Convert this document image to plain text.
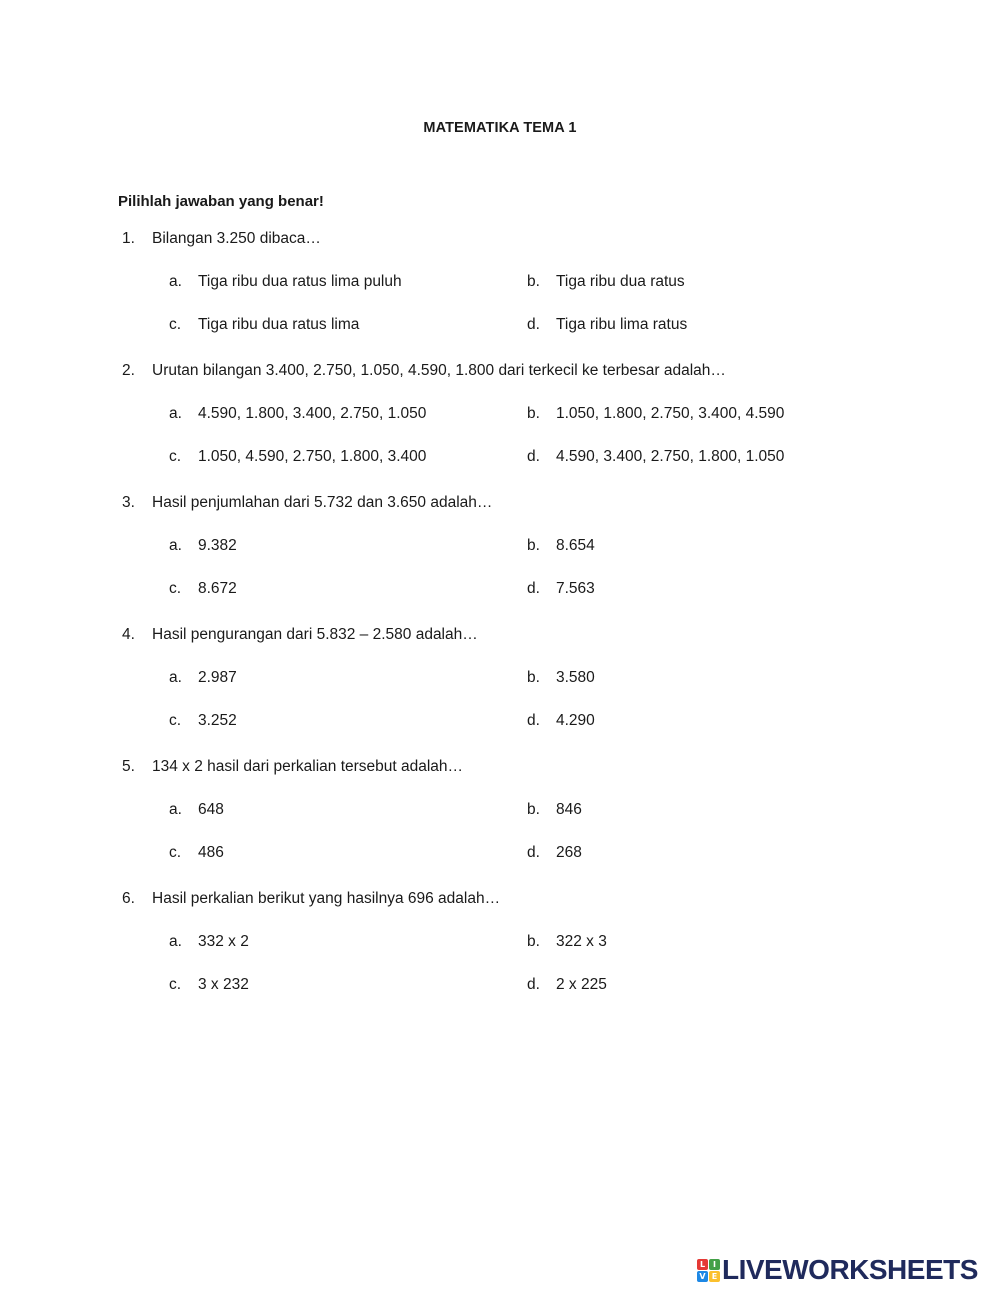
MATEMATIKA TEMA 1
Pilihlah jawaban yang benar!
1.	Bilangan 3.250 dibaca…
a. Tiga ribu dua ratus lima puluh	b. Tiga ribu dua ratus
c. Tiga ribu dua ratus lima	d. Tiga ribu lima ratus
2.	Urutan bilangan 3.400, 2.750, 1.050, 4.590, 1.800 dari terkecil ke terbesar adalah…
a. 4.590, 1.800, 3.400, 2.750, 1.050	b. 1.050, 1.800, 2.750, 3.400, 4.590
c. 1.050, 4.590, 2.750, 1.800, 3.400	d. 4.590, 3.400, 2.750, 1.800, 1.050
3.	Hasil penjumlahan dari 5.732 dan 3.650 adalah…
a. 9.382	b. 8.654
c. 8.672	d. 7.563
4.	Hasil pengurangan dari 5.832 – 2.580 adalah…
a. 2.987	b. 3.580
c. 3.252	d. 4.290
5.	134 x 2 hasil dari perkalian tersebut adalah…
a. 648	b. 846
c. 486	d. 268
6.	Hasil perkalian berikut yang hasilnya 696 adalah…
a. 332 x 2	b. 322 x 3
c. 3 x 232	d. 2 x 225
L I
V E LIVEWORKSHEETS
